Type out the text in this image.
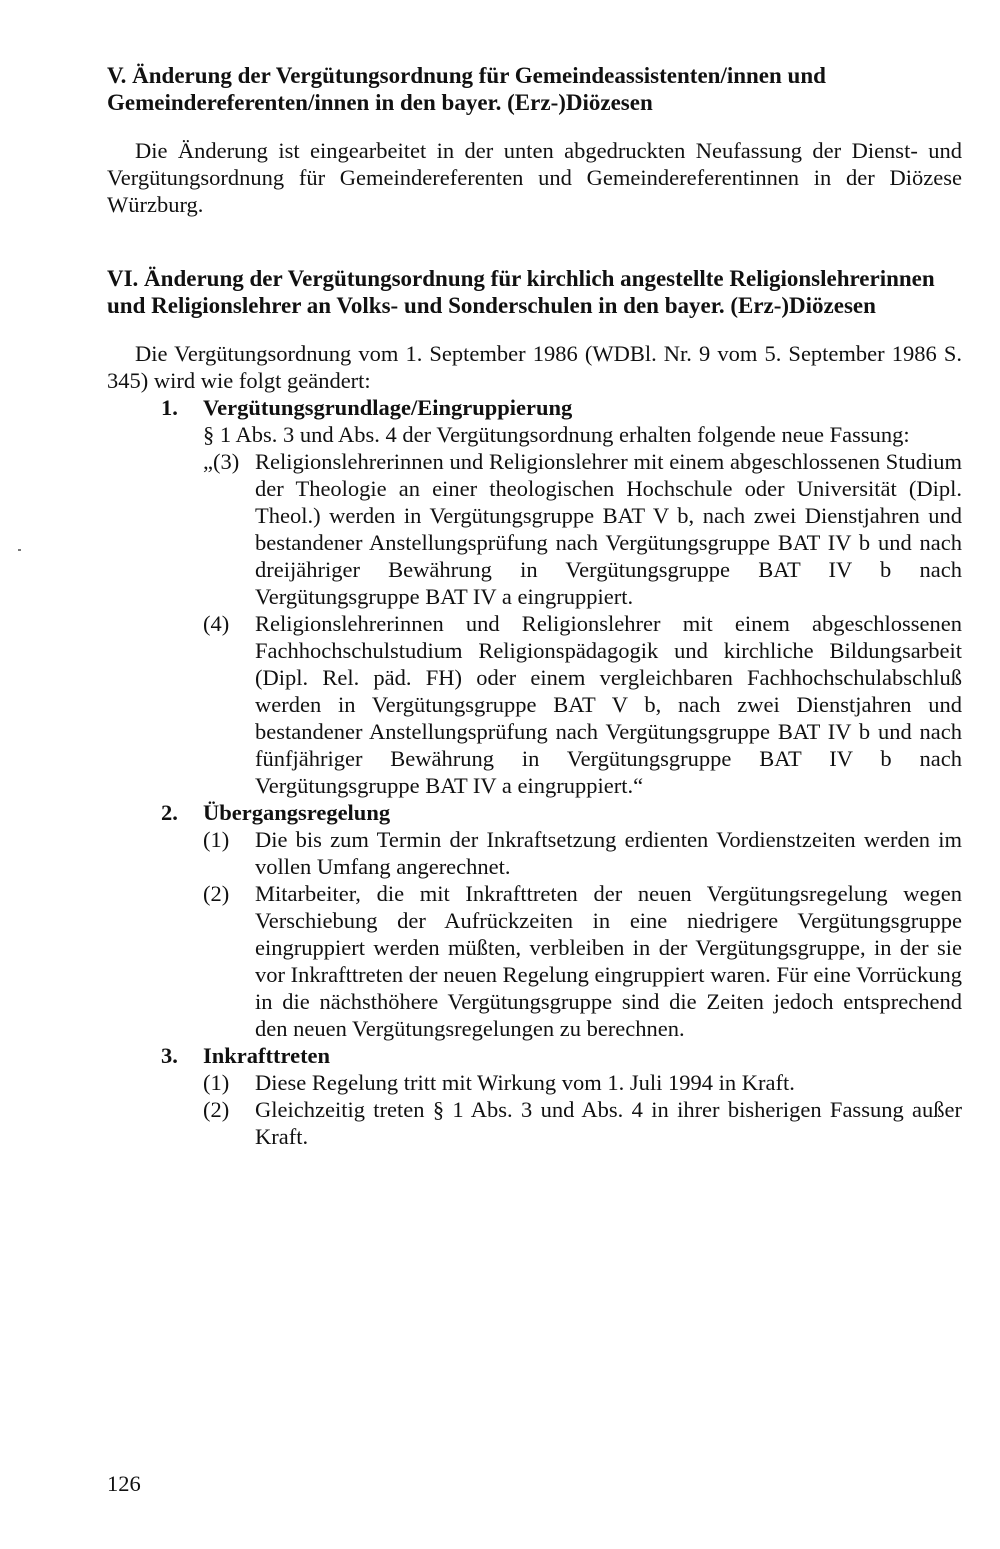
V. Änderung der Vergütungsordnung für Gemeindeassistenten/innen und Gemeindereferenten/innen in den bayer. (Erz-)Diözesen

Die Änderung ist eingearbeitet in der unten abgedruckten Neufassung der Dienst- und Vergütungsordnung für Gemeindereferenten und Gemeindereferentinnen in der Diözese Würzburg.

VI. Änderung der Vergütungsordnung für kirchlich angestellte Religionslehrerinnen und Religionslehrer an Volks- und Sonderschulen in den bayer. (Erz-)Diözesen

Die Vergütungsordnung vom 1. September 1986 (WDBl. Nr. 9 vom 5. September 1986 S. 345) wird wie folgt geändert:

1. Vergütungsgrundlage/Eingruppierung

§ 1 Abs. 3 und Abs. 4 der Vergütungsordnung erhalten folgende neue Fassung:

„(3) Religionslehrerinnen und Religionslehrer mit einem abgeschlossenen Studium der Theologie an einer theologischen Hochschule oder Universität (Dipl. Theol.) werden in Vergütungsgruppe BAT V b, nach zwei Dienstjahren und bestandener Anstellungsprüfung nach Vergütungsgruppe BAT IV b und nach dreijähriger Bewährung in Vergütungsgruppe BAT IV b nach Vergütungsgruppe BAT IV a eingruppiert.

(4) Religionslehrerinnen und Religionslehrer mit einem abgeschlossenen Fachhochschulstudium Religionspädagogik und kirchliche Bildungsarbeit (Dipl. Rel. päd. FH) oder einem vergleichbaren Fachhochschulabschluß werden in Vergütungsgruppe BAT V b, nach zwei Dienstjahren und bestandener Anstellungsprüfung nach Vergütungsgruppe BAT IV b und nach fünfjähriger Bewährung in Vergütungsgruppe BAT IV b nach Vergütungsgruppe BAT IV a eingruppiert.“

2. Übergangsregelung
(1) Die bis zum Termin der Inkraftsetzung erdienten Vordienstzeiten werden im vollen Umfang angerechnet.

(2) Mitarbeiter, die mit Inkrafttreten der neuen Vergütungsregelung wegen Verschiebung der Aufrückzeiten in eine niedrigere Vergütungsgruppe eingruppiert werden müßten, verbleiben in der Vergütungsgruppe, in der sie vor Inkrafttreten der neuen Regelung eingruppiert waren. Für eine Vorrückung in die nächsthöhere Vergütungsgruppe sind die Zeiten jedoch entsprechend den neuen Vergütungsregelungen zu berechnen.

3. Inkrafttreten
(1) Diese Regelung tritt mit Wirkung vom 1. Juli 1994 in Kraft.

(2) Gleichzeitig treten § 1 Abs. 3 und Abs. 4 in ihrer bisherigen Fassung außer Kraft.

126
